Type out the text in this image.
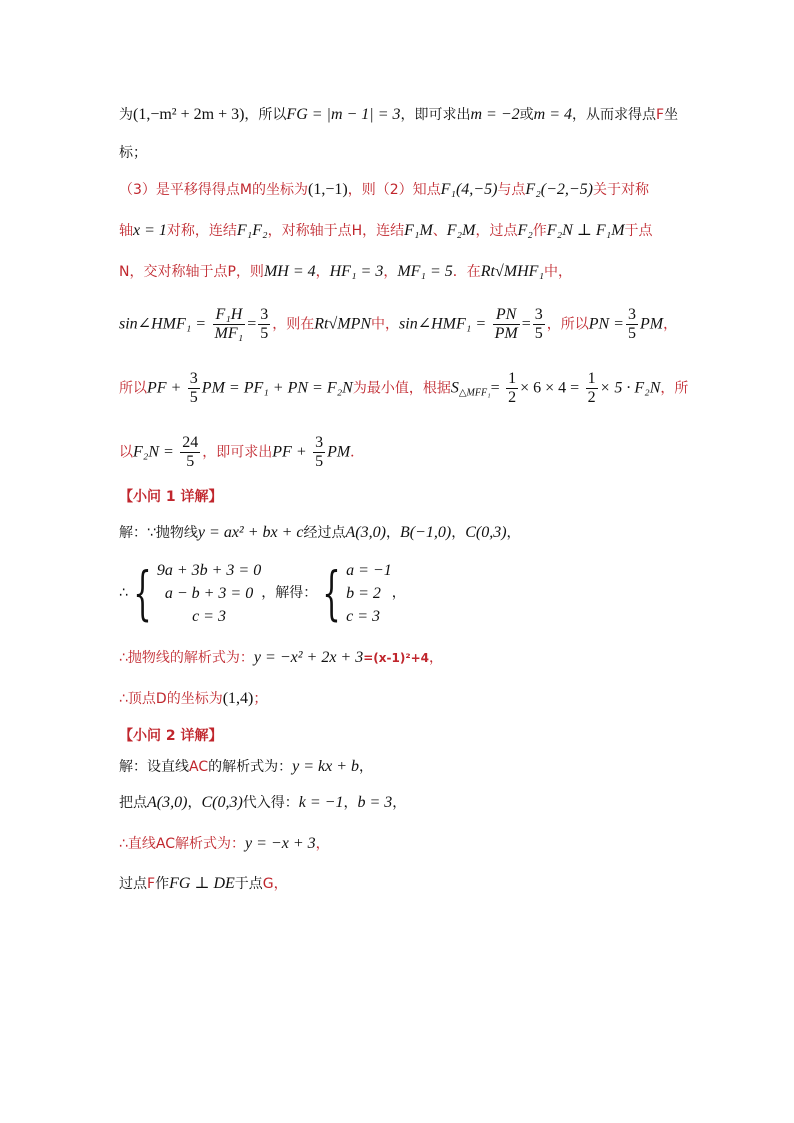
为(1,−m² + 2m + 3)，所以FG = |m − 1| = 3，即可求出m = −2或m = 4，从而求得点F坐
标；
（3）是平移得得点M的坐标为(1,−1)，则（2）知点F₁(4,−5)与点F₂(−2,−5)关于对称
轴x = 1对称，连结F₁F₂，对称轴于点H，连结F₁M、F₂M，过点F₂作F₂N ⊥ F₁M于点
N，交对称轴于点P，则MH = 4，HF₁ = 3，MF₁ = 5．在Rt√MHF₁中，
sin∠HMF₁ = $\frac{\text{F₁H}}{\text{MF₁}} = \frac{3}{5}$ ，则在Rt√MPN中，sin∠HMF₁ = $\frac{PN}{PM} = \frac{3}{5}$ ，所以PN = $\frac{3}{5}$ PM，
所以PF + $\frac{3}{5}$ PM = PF₁ + PN = F₂N为最小值，根据$S_{\triangle MFF_1}= \frac{1}{2} \times 6 \times 4 = \frac{1}{2} \times 5 \cdot F_2N$，所
以$F_2N = \frac{24}{5}$ ，即可求出PF + $\frac{3}{5}$ PM．
【小问 1 详解】
解：∵抛物线y = ax² + bx + c经过点A(3,0)，B(−1,0)，C(0,3)，
∴{ 9a + 3b + 3 = 0
a − b + 3 = 0
c = 3
，解得：{ a = −1
b = 2
c = 3
，
∴抛物线的解析式为：y = −x² + 2x + 3=(x-1)²+4，
∴顶点D的坐标为(1,4)；
【小问 2 详解】
解：设直线AC的解析式为：y = kx + b，
把点A(3,0)，C(0,3)代入得：k = −1，b = 3，
∴直线AC解析式为：y = −x + 3，
过点F作FG ⊥ DE于点G，
